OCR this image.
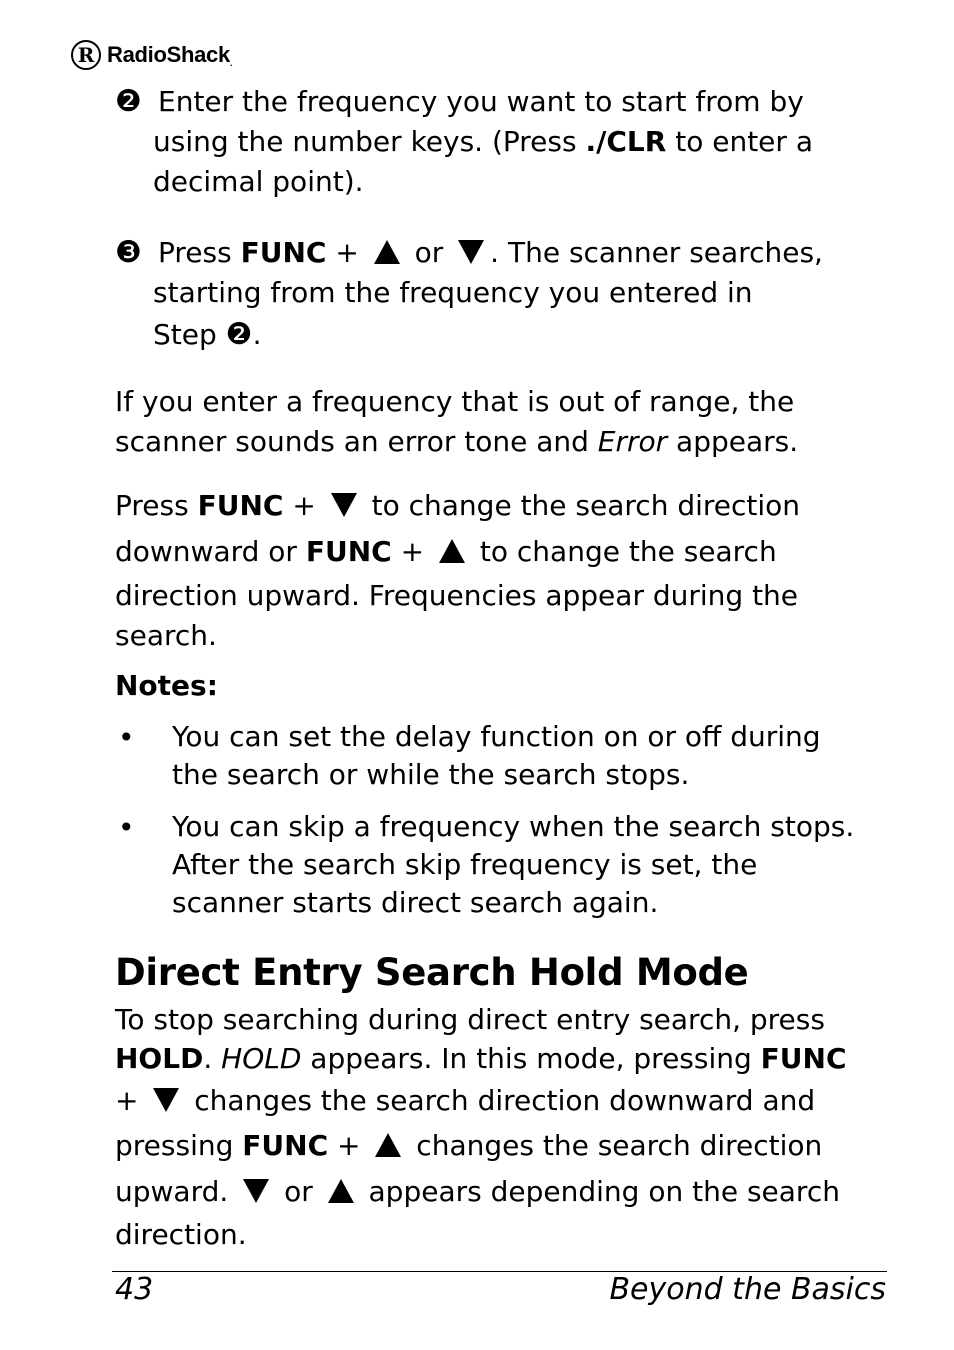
R RadioShack.
❷ Enter the frequency you want to start from by
using the number keys. (Press ./CLR to enter a
decimal point).
❸ Press FUNC +  or . The scanner searches,
starting from the frequency you entered in
Step ❷.
If you enter a frequency that is out of range, the
scanner sounds an error tone and Error appears.
Press FUNC +  to change the search direction
downward or FUNC +  to change the search
direction upward. Frequencies appear during the
search.
Notes:
• You can set the delay function on or off during
the search or while the search stops.
• You can skip a frequency when the search stops.
After the search skip frequency is set, the
scanner starts direct search again.
Direct Entry Search Hold Mode
To stop searching during direct entry search, press
HOLD. HOLD appears. In this mode, pressing FUNC
+  changes the search direction downward and
pressing FUNC +  changes the search direction
upward.  or  appears depending on the search
direction.
43	Beyond the Basics
